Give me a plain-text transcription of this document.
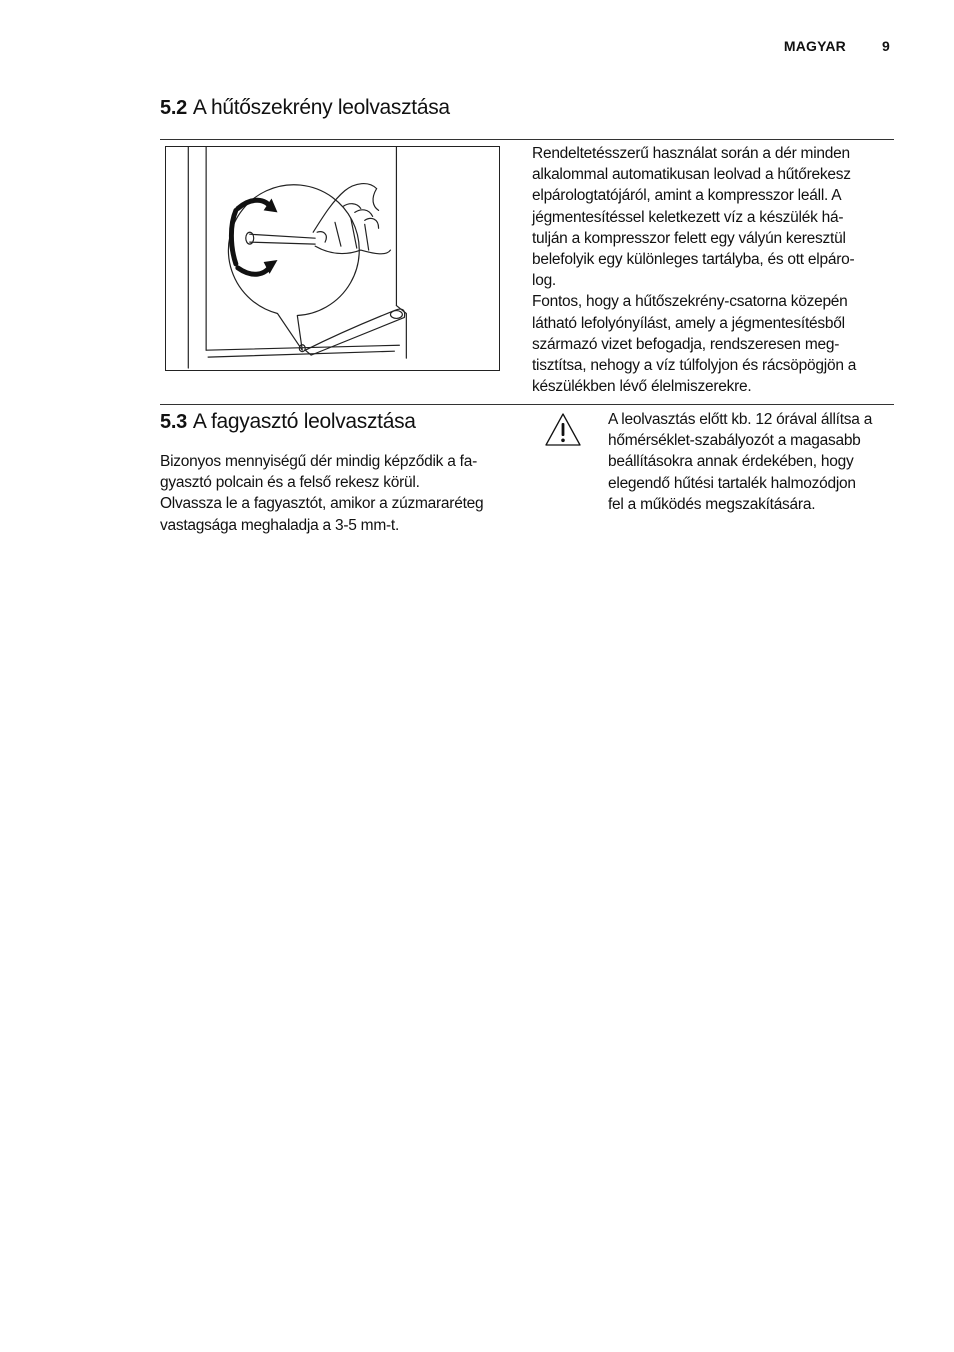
MAGYAR	9
5.2 A hűtőszekrény leolvasztása

Rendeltetésszerű használat során a dér minden

alkalommal automatikusan leolvad a hűtőrekesz

elpárologtatójáról, amint a kompresszor leáll. A

jégmentesítéssel keletkezett víz a készülék há-

tulján a kompresszor felett egy vályún keresztül

belefolyik egy különleges tartályba, és ott elpáro-

log.

Fontos, hogy a hűtőszekrény-csatorna közepén

látható lefolyónyílást, amely a jégmentesítésből

származó vizet befogadja, rendszeresen meg-

tisztítsa, nehogy a víz túlfolyjon és rácsöpögjön a

készülékben lévő élelmiszerekre.

5.3 A fagyasztó leolvasztása

Bizonyos mennyiségű dér mindig képződik a fa-

gyasztó polcain és a felső rekesz körül.

Olvassza le a fagyasztót, amikor a zúzmararéteg

vastagsága meghaladja a 3-5 mm-t.

A leolvasztás előtt kb. 12 órával állítsa a

hőmérséklet-szabályozót a magasabb

beállításokra annak érdekében, hogy

elegendő hűtési tartalék halmozódjon

fel a működés megszakítására.
